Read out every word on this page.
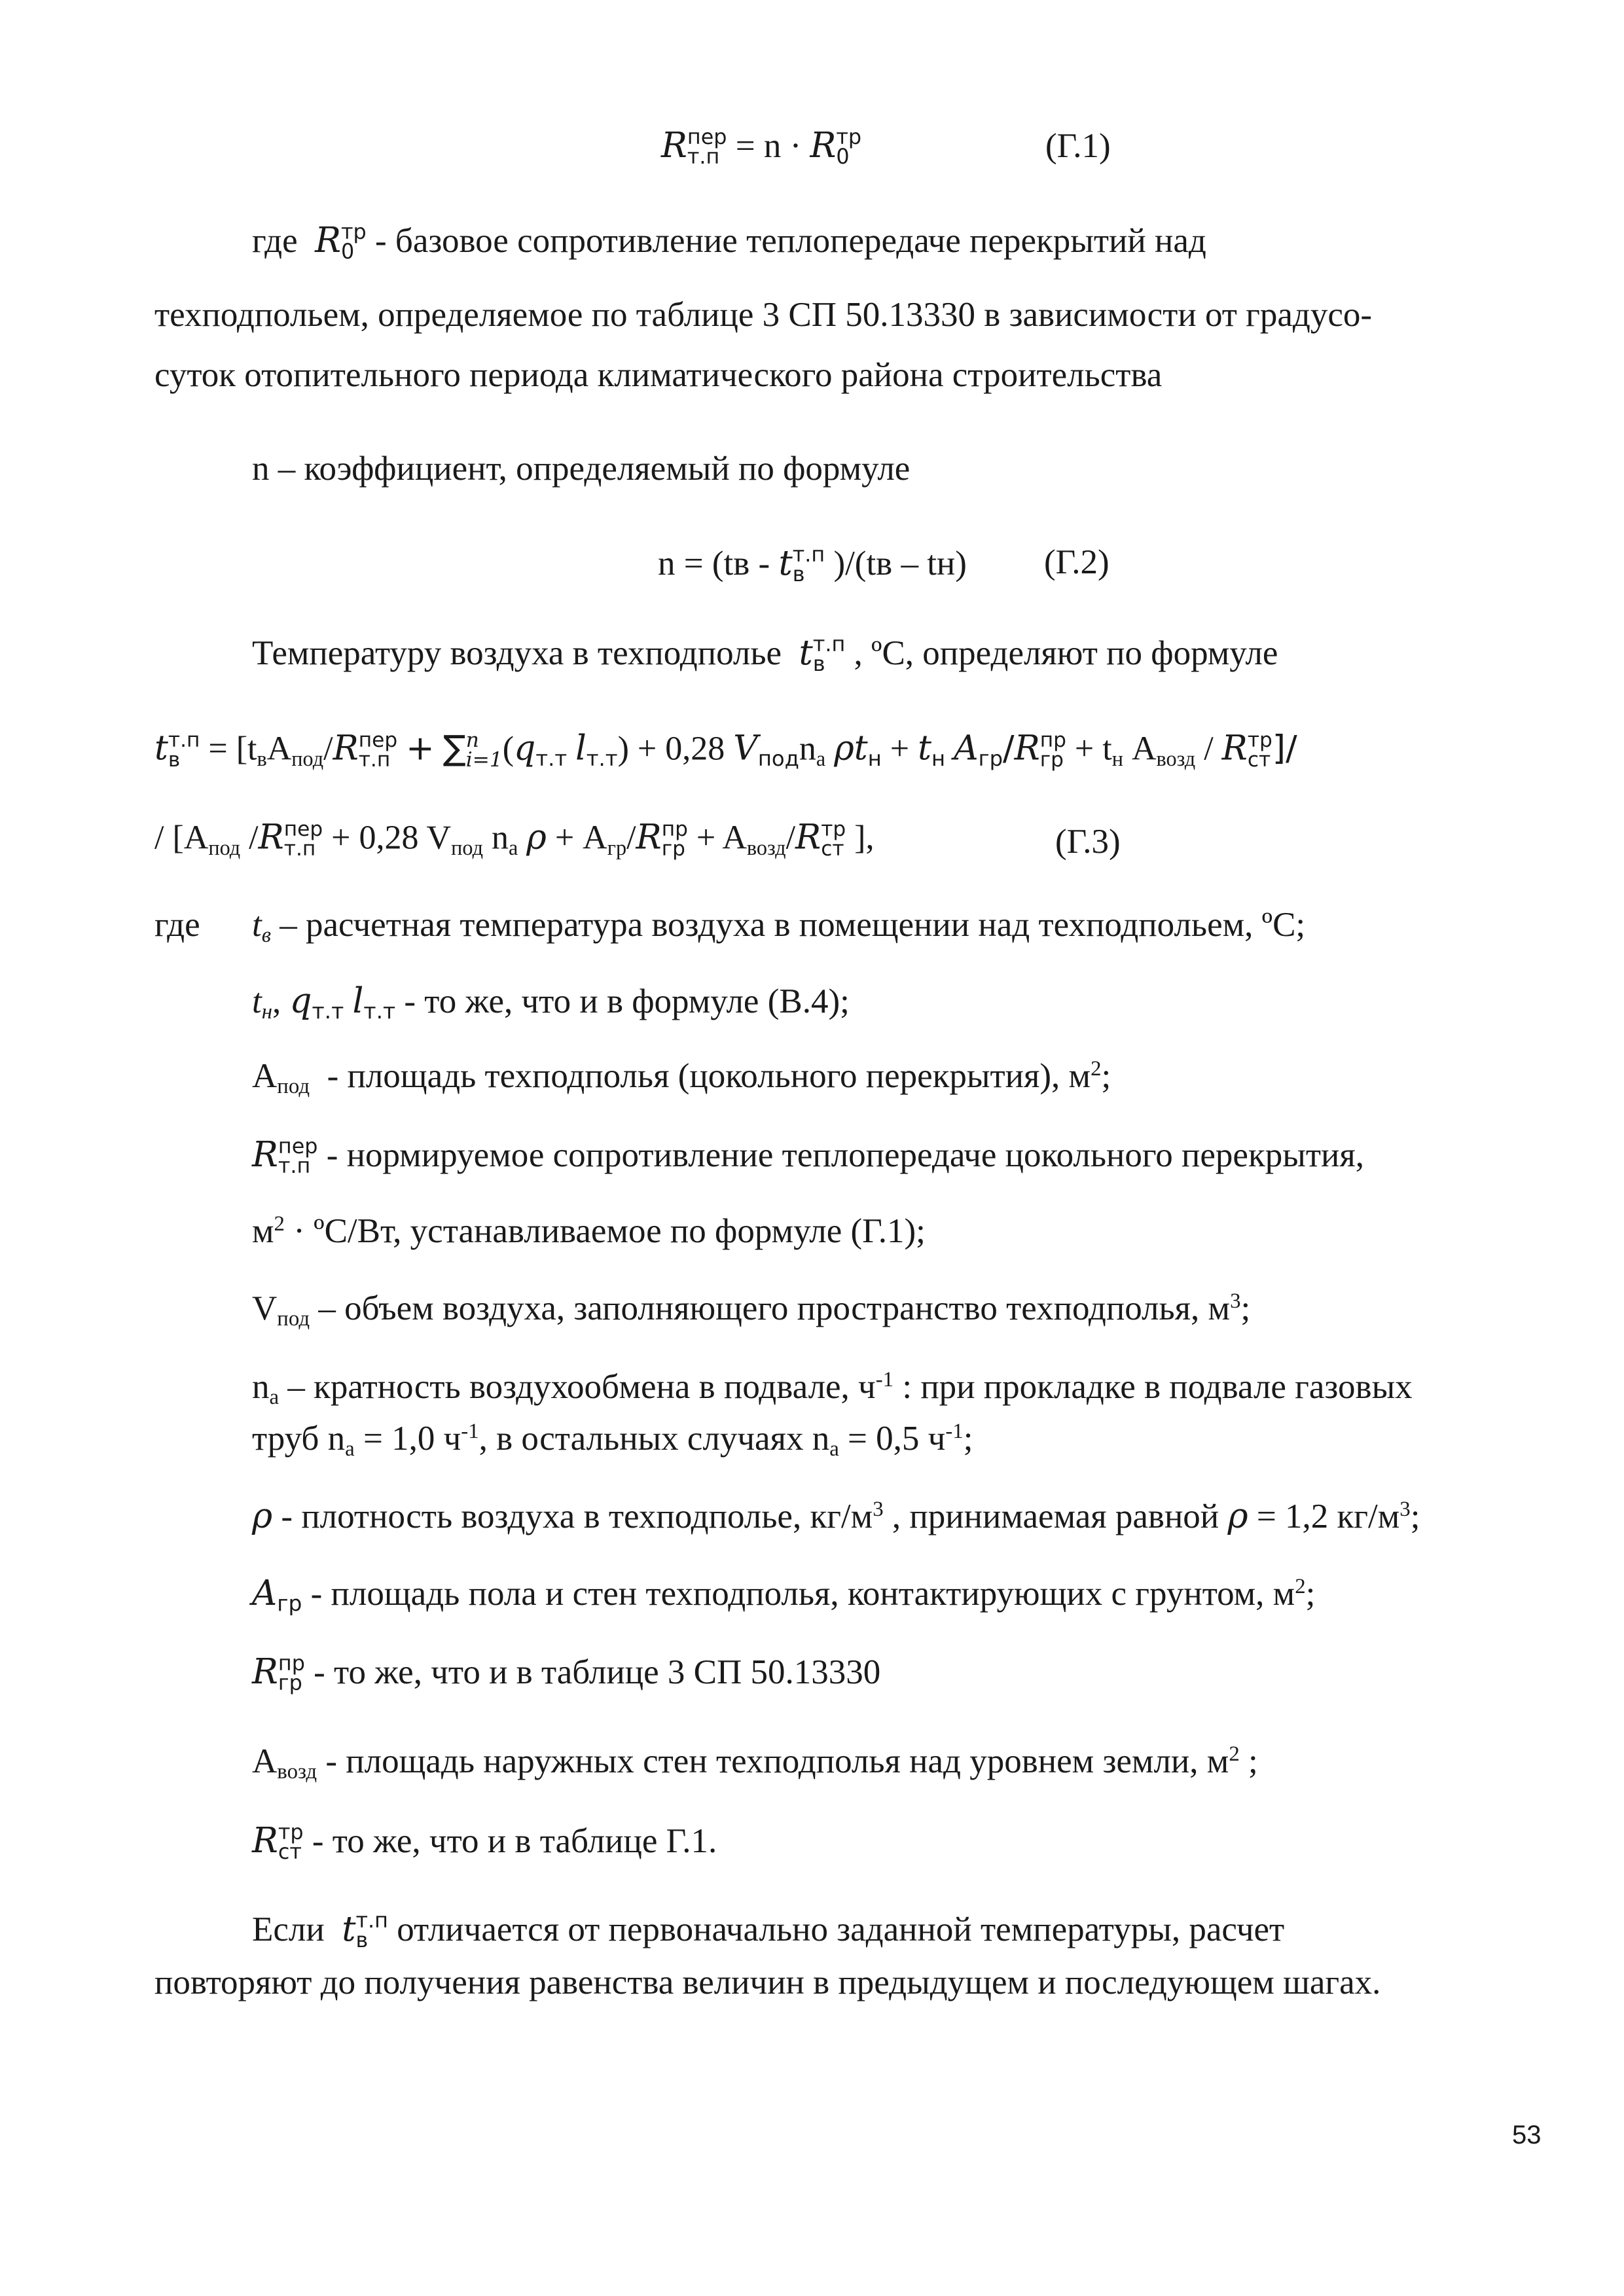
R пер
т.п = n · R тр
0	(Г.1)
где R тр
0 - базовое сопротивление теплопередаче перекрытий над
техподпольем, определяемое по таблице 3 СП 50.13330 в зависимости от градусо-
суток отопительного периода климатического района строительства
n – коэффициент, определяемый по формуле
n = (tв - t т.п
в )/(tв – tн) (Г.2)
Температуру воздуха в техподполье t т.п
в , ºС, определяют по формуле
t т.п
$в = [t_вA_{под}/R$ пер
т.п + ∑ n
i=1 ($q_{т.т}$ $l_{т.т}) + 0,28$ $V_{под}n_a$ $\rho t_н + t_н$ $A_{гр}/R$ пр
гр + $t_н$ $A_{возд}$ / R тр
ст ]/
/ [$A_{под}$ /R пер
т.п + 0,28 $V_{под}$ $n_a$ $\rho + A_{гр}/R$ пр
гр + $A_{возд}/R$ тр
ст ],	(Г.3)
где $t_в$ – расчетная температура воздуха в помещении над техподпольем, ºС;
$t_н$, $q_{т.т}$ $l_{т.т}$ - то же, что и в формуле (В.4);
$A_{под}$ - площадь техподполья (цокольного перекрытия), $м^2$;
R пер
т.п - нормируемое сопротивление теплопередаче цокольного перекрытия,
$м^2$ · ºС/Вт, устанавливаемое по формуле (Г.1);
$V_{под}$ – объем воздуха, заполняющего пространство техподполья, $м^3$;
$n_a$ – кратность воздухообмена в подвале, $ч^{-1}$ : при прокладке в подвале газовых
труб $n_a = 1,0$ $ч^{-1}$, в остальных случаях $n_a = 0,5$ $ч^{-1}$;
ρ - плотность воздуха в техподполье, $кг/м^3$ , принимаемая равной ρ = 1,2 $кг/м^3$;
$A_{гр}$ - площадь пола и стен техподполья, контактирующих с грунтом, $м^2$;
R пр
гр - то же, что и в таблице 3 СП 50.13330
$A_{возд}$ - площадь наружных стен техподполья над уровнем земли, $м^2$ ;
R тр
ст - то же, что и в таблице Г.1.
Если t т.п
в отличается от первоначально заданной температуры, расчет
повторяют до получения равенства величин в предыдущем и последующем шагах.
53
